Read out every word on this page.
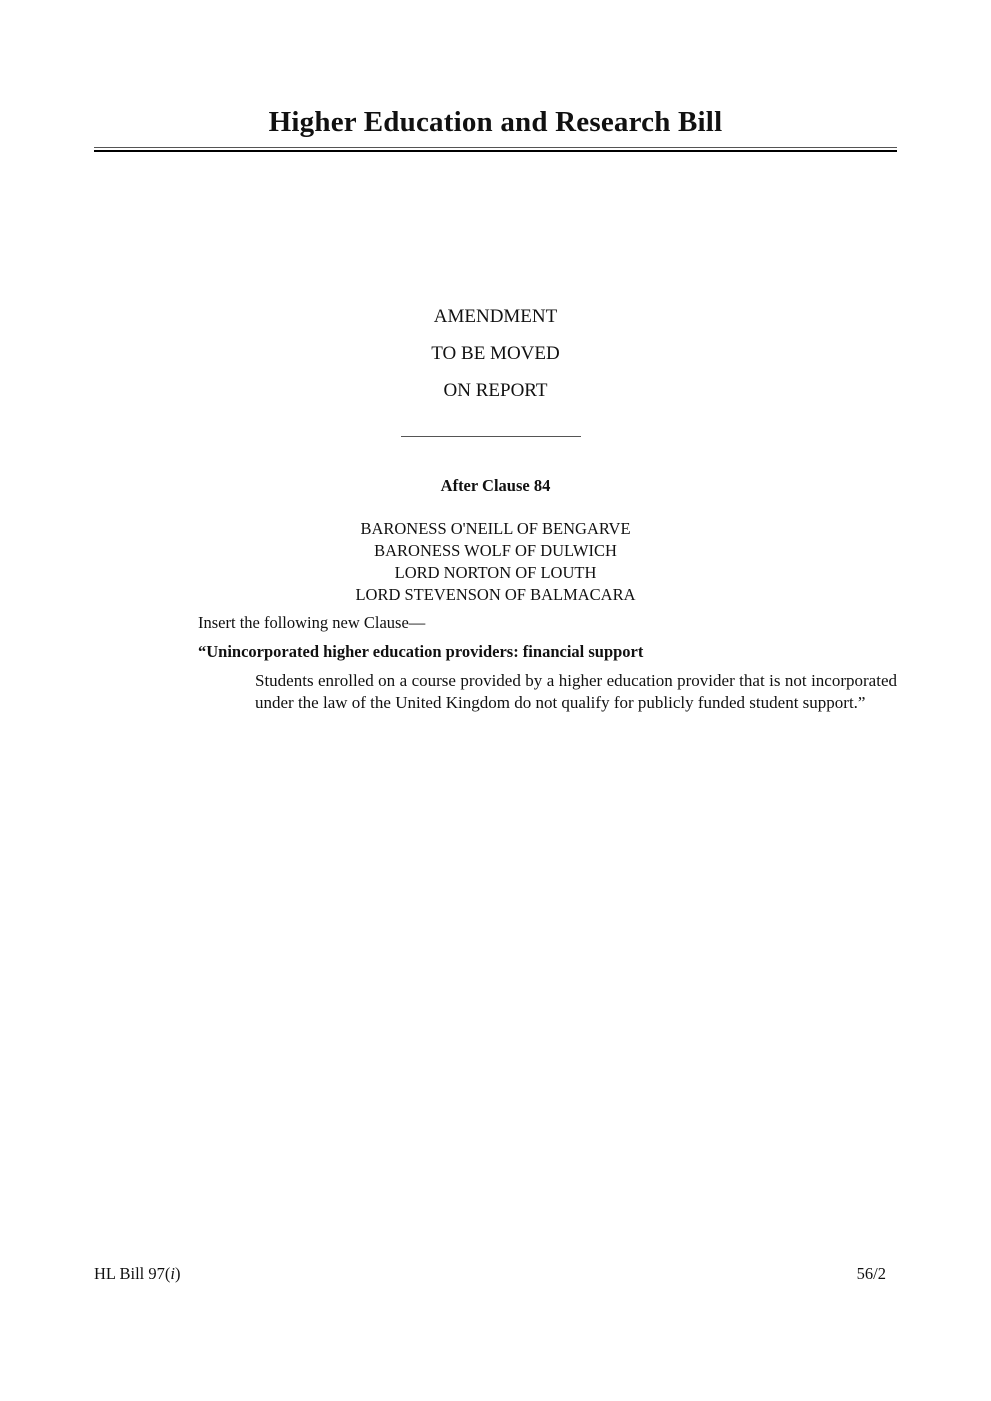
Higher Education and Research Bill
AMENDMENT
TO BE MOVED
ON REPORT
After Clause 84
BARONESS O'NEILL OF BENGARVE
BARONESS WOLF OF DULWICH
LORD NORTON OF LOUTH
LORD STEVENSON OF BALMACARA
Insert the following new Clause—
“Unincorporated higher education providers: financial support
Students enrolled on a course provided by a higher education provider that is not incorporated under the law of the United Kingdom do not qualify for publicly funded student support.”
HL Bill 97(i)	56/2
